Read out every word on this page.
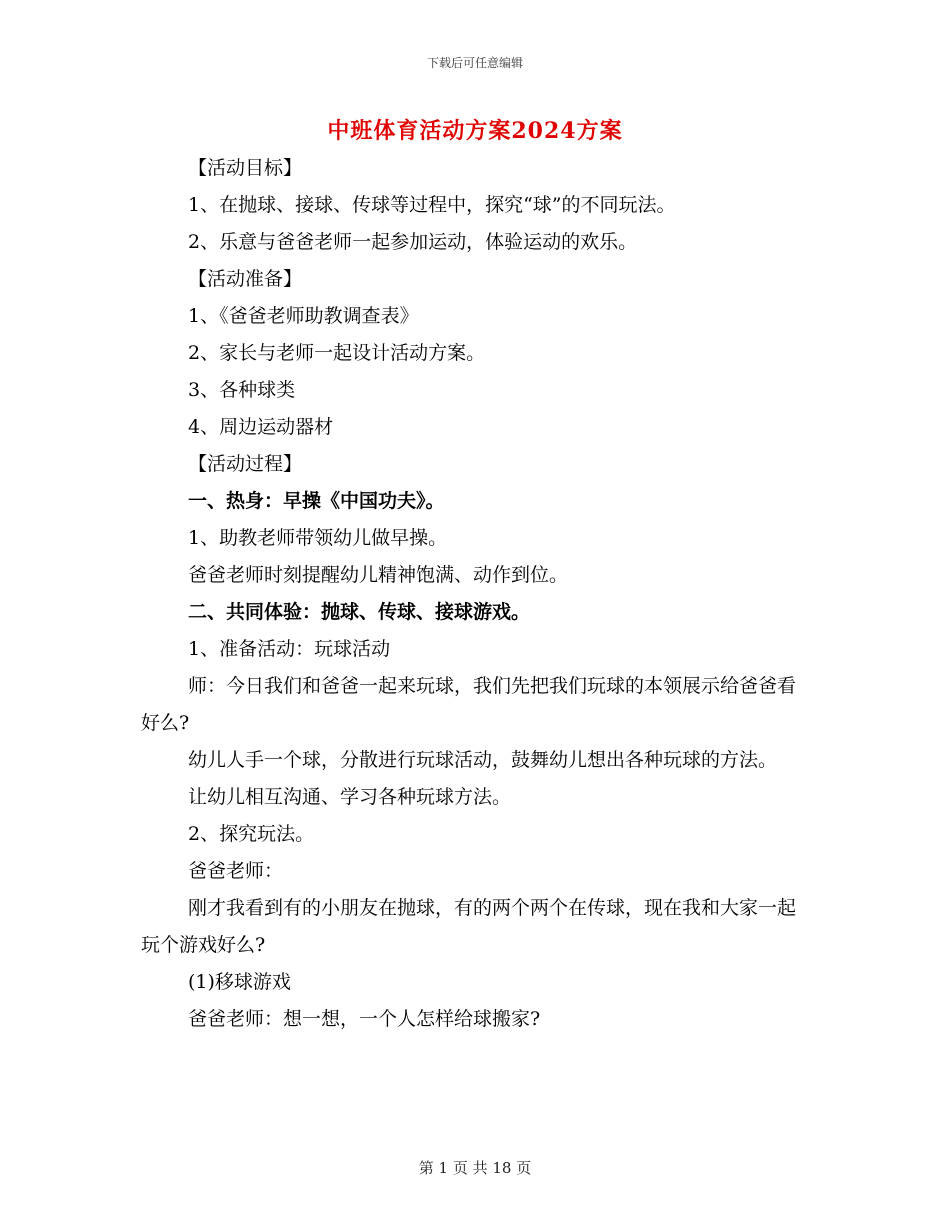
下载后可任意编辑
中班体育活动方案2024方案

【活动目标】

1、在抛球、接球、传球等过程中，探究“球”的不同玩法。

2、乐意与爸爸老师一起参加运动，体验运动的欢乐。

【活动准备】

1、《爸爸老师助教调查表》

2、家长与老师一起设计活动方案。

3、各种球类

4、周边运动器材

【活动过程】

一、热身：早操《中国功夫》。

1、助教老师带领幼儿做早操。

爸爸老师时刻提醒幼儿精神饱满、动作到位。

二、共同体验：抛球、传球、接球游戏。

1、准备活动：玩球活动

师：今日我们和爸爸一起来玩球，我们先把我们玩球的本领展示给爸爸看好么?

幼儿人手一个球，分散进行玩球活动，鼓舞幼儿想出各种玩球的方法。

让幼儿相互沟通、学习各种玩球方法。

2、探究玩法。

爸爸老师：

刚才我看到有的小朋友在抛球，有的两个两个在传球，现在我和大家一起玩个游戏好么?

(1)移球游戏

爸爸老师：想一想，一个人怎样给球搬家?

第 1 页 共 18 页
